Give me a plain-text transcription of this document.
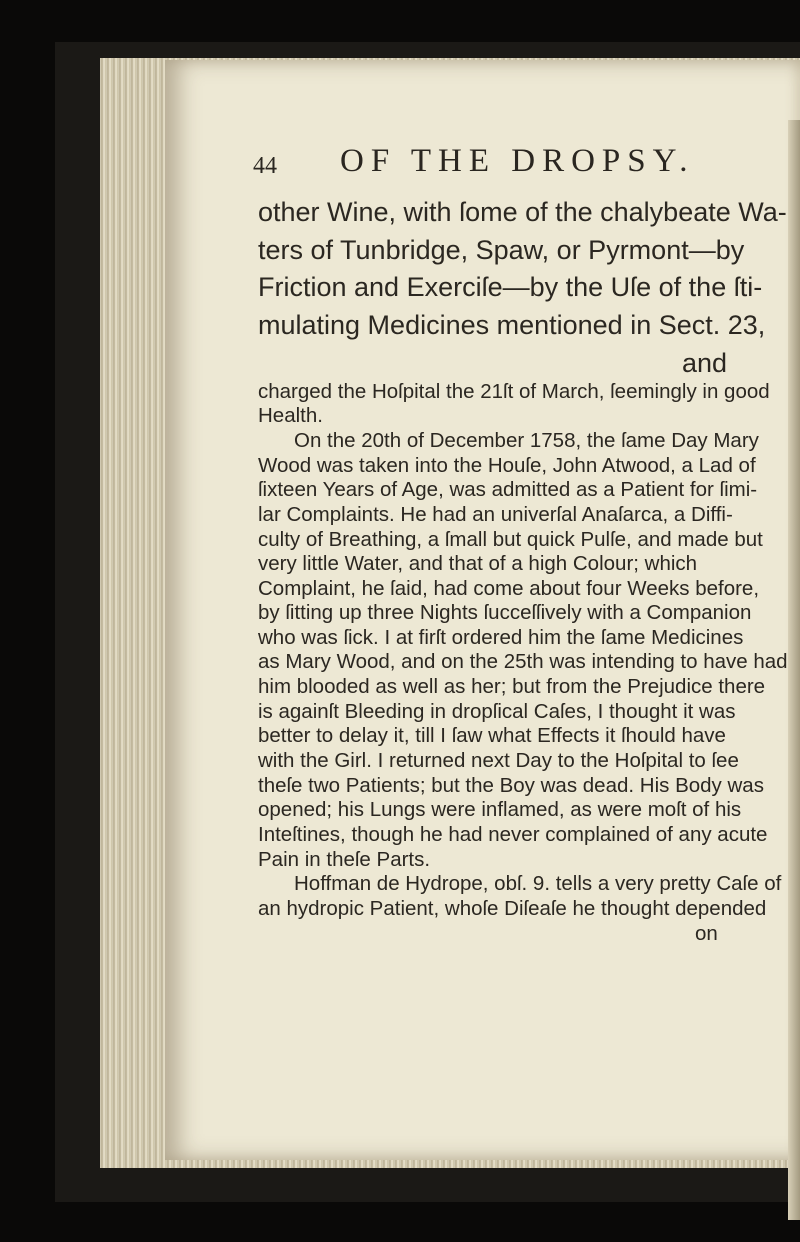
44 OF THE DROPSY.
other Wine, with ſome of the chalybeate Wa-
ters of Tunbridge, Spaw, or Pyrmont—by
Friction and Exerciſe—by the Uſe of the ſti-
mulating Medicines mentioned in Sect. 23,
and
charged the Hoſpital the 21ſt of March, ſeemingly in good
Health.
On the 20th of December 1758, the ſame Day Mary
Wood was taken into the Houſe, John Atwood, a Lad of
ſixteen Years of Age, was admitted as a Patient for ſimi-
lar Complaints. He had an univerſal Anaſarca, a Diffi-
culty of Breathing, a ſmall but quick Pulſe, and made but
very little Water, and that of a high Colour; which
Complaint, he ſaid, had come about four Weeks before,
by ſitting up three Nights ſucceſſively with a Companion
who was ſick. I at firſt ordered him the ſame Medicines
as Mary Wood, and on the 25th was intending to have had
him blooded as well as her; but from the Prejudice there
is againſt Bleeding in dropſical Caſes, I thought it was
better to delay it, till I ſaw what Effects it ſhould have
with the Girl. I returned next Day to the Hoſpital to ſee
theſe two Patients; but the Boy was dead. His Body was
opened; his Lungs were inflamed, as were moſt of his
Inteſtines, though he had never complained of any acute
Pain in theſe Parts.
Hoffman de Hydrope, obſ. 9. tells a very pretty Caſe of
an hydropic Patient, whoſe Diſeaſe he thought depended
on
